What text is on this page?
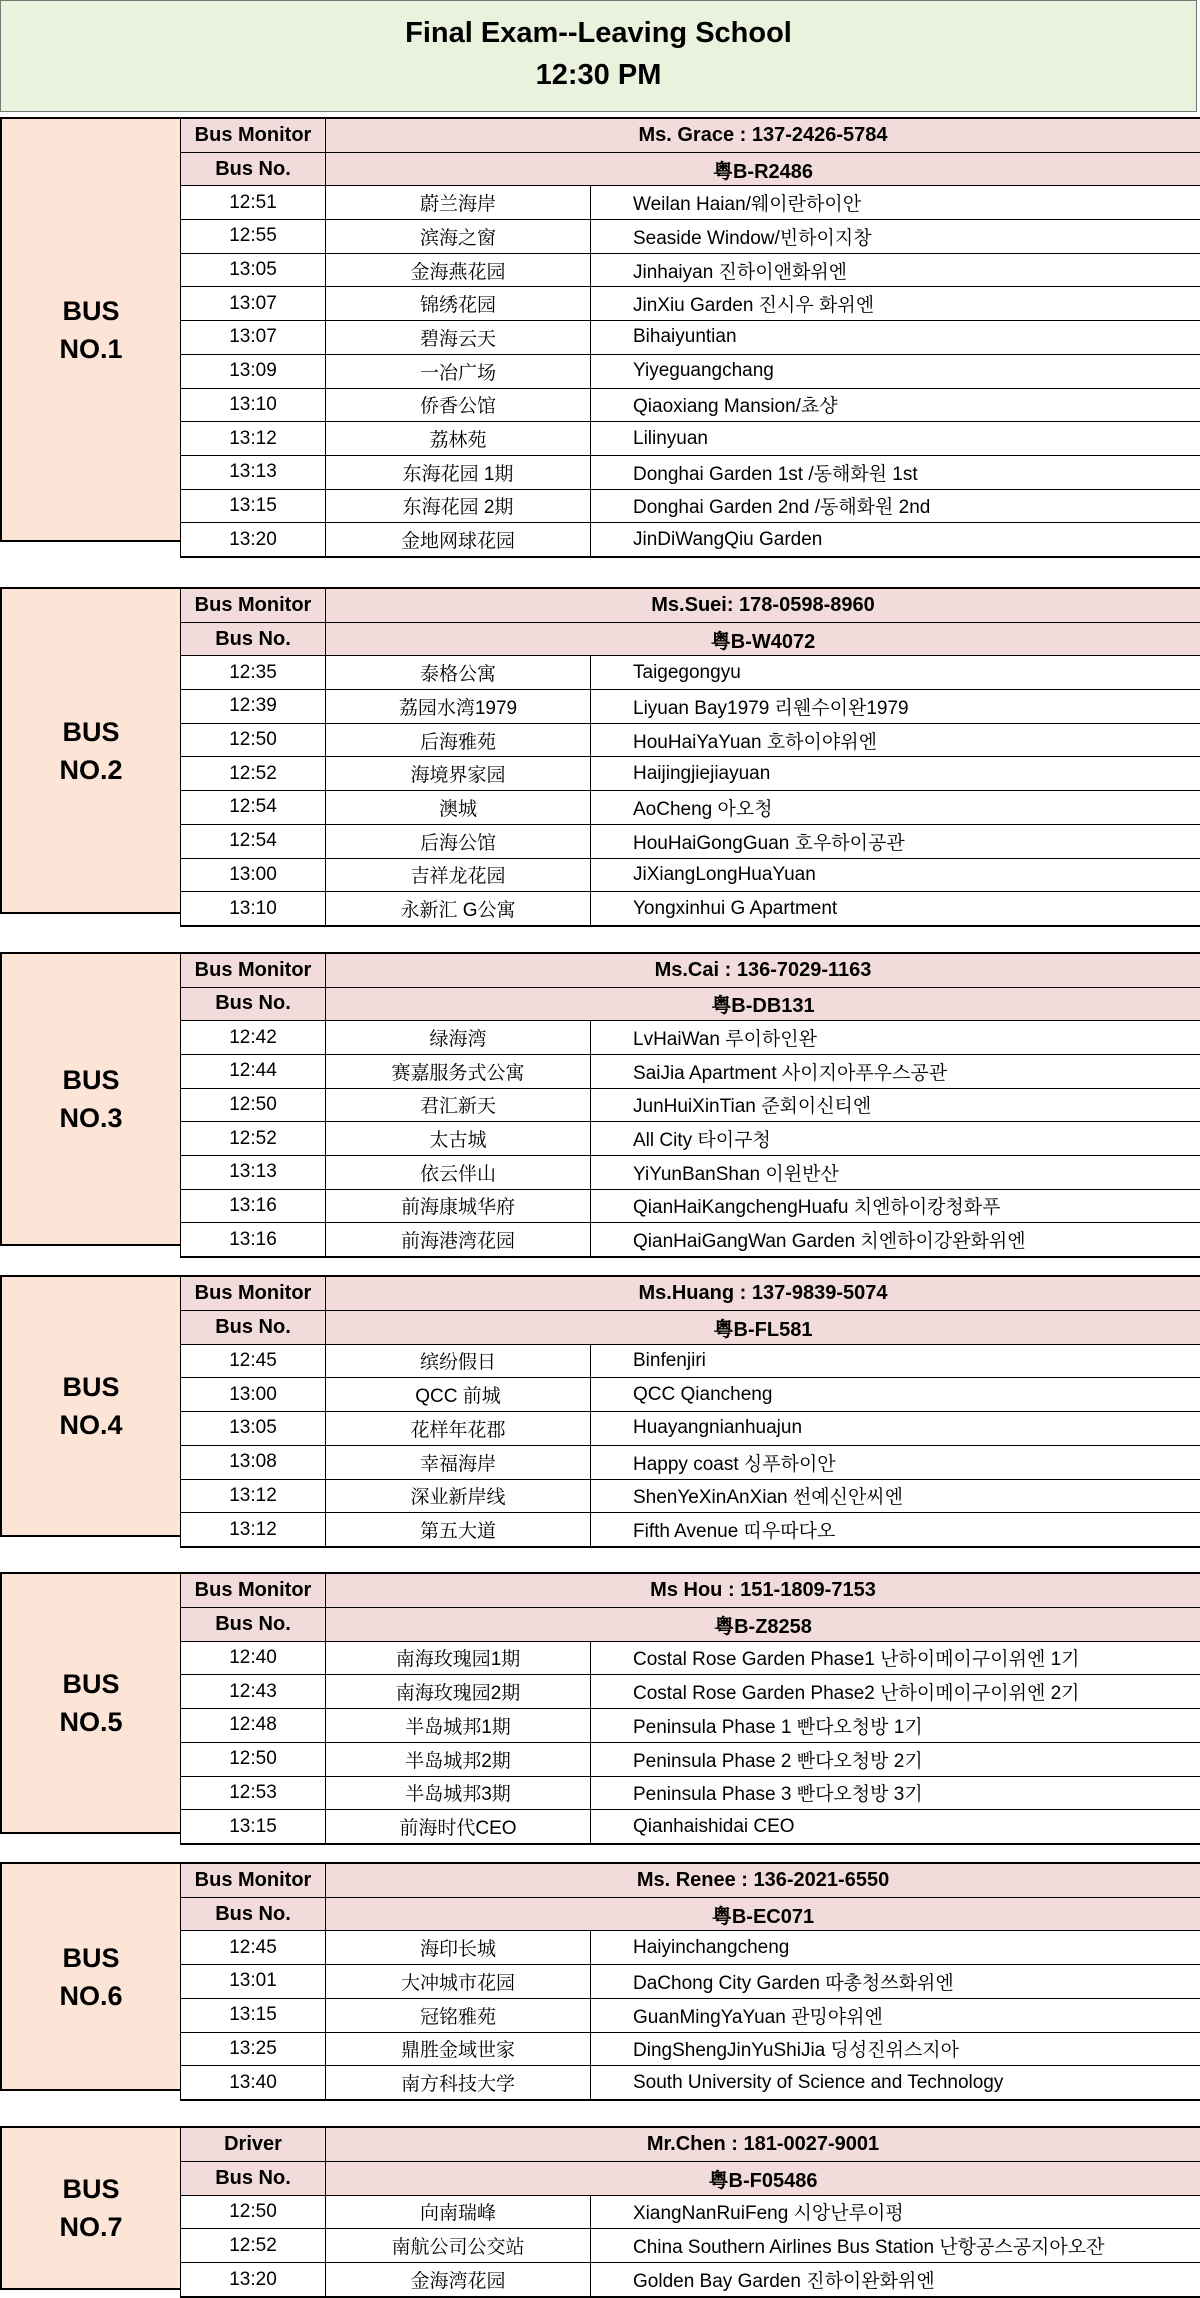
Final Exam--Leaving School
12:30 PM
BUS
NO.1
Bus Monitor	Ms. Grace : 137-2426-5784	
Bus No.	粤B-R2486	
12:51	蔚兰海岸	Weilan Haian/웨이란하이안
12:55	滨海之窗	Seaside Window/빈하이지창
13:05	金海燕花园	Jinhaiyan 진하이앤화위엔
13:07	锦绣花园	JinXiu Garden 진시우 화위엔
13:07	碧海云天	Bihaiyuntian
13:09	一冶广场	Yiyeguangchang
13:10	侨香公馆	Qiaoxiang Mansion/쵸샹
13:12	荔林苑	Lilinyuan
13:13	东海花园 1期	Donghai Garden 1st /동해화원 1st
13:15	东海花园 2期	Donghai Garden 2nd /동해화원 2nd
13:20	金地网球花园	JinDiWangQiu Garden
BUS
NO.2
Bus Monitor	Ms.Suei: 178-0598-8960	
Bus No.	粤B-W4072	
12:35	泰格公寓	Taigegongyu
12:39	荔园水湾1979	Liyuan Bay1979 리웬수이완1979
12:50	后海雅苑	HouHaiYaYuan 호하이야위엔
12:52	海境界家园	Haijingjiejiayuan
12:54	澳城	AoCheng 아오청
12:54	后海公馆	HouHaiGongGuan 호우하이공관
13:00	吉祥龙花园	JiXiangLongHuaYuan
13:10	永新汇 G公寓	Yongxinhui G Apartment
BUS
NO.3
Bus Monitor	Ms.Cai : 136-7029-1163	
Bus No.	粤B-DB131	
12:42	绿海湾	LvHaiWan 루이하인완
12:44	赛嘉服务式公寓	SaiJia Apartment 사이지아푸우스공관
12:50	君汇新天	JunHuiXinTian 준회이신티엔
12:52	太古城	All City 타이구청
13:13	依云伴山	YiYunBanShan 이윈반산
13:16	前海康城华府	QianHaiKangchengHuafu 치엔하이캉청화푸
13:16	前海港湾花园	QianHaiGangWan Garden 치엔하이강완화위엔
BUS
NO.4
Bus Monitor	Ms.Huang : 137-9839-5074	
Bus No.	粤B-FL581	
12:45	缤纷假日	Binfenjiri
13:00	QCC 前城	QCC Qiancheng
13:05	花样年花郡	Huayangnianhuajun
13:08	幸福海岸	Happy coast 싱푸하이안
13:12	深业新岸线	ShenYeXinAnXian 썬예신안씨엔
13:12	第五大道	Fifth Avenue 띠우따다오
BUS
NO.5
Bus Monitor	Ms Hou : 151-1809-7153	
Bus No.	粤B-Z8258	
12:40	南海玫瑰园1期	Costal Rose Garden Phase1 난하이메이구이위엔 1기
12:43	南海玫瑰园2期	Costal Rose Garden Phase2 난하이메이구이위엔 2기
12:48	半岛城邦1期	Peninsula Phase 1 빤다오청방 1기
12:50	半岛城邦2期	Peninsula Phase 2 빤다오청방 2기
12:53	半岛城邦3期	Peninsula Phase 3 빤다오청방 3기
13:15	前海时代CEO	Qianhaishidai CEO
BUS
NO.6
Bus Monitor	Ms. Renee : 136-2021-6550	
Bus No.	粤B-EC071	
12:45	海印长城	Haiyinchangcheng
13:01	大冲城市花园	DaChong City Garden 따총청쓰화위엔
13:15	冠铭雅苑	GuanMingYaYuan 관밍야위엔
13:25	鼎胜金域世家	DingShengJinYuShiJia 딩성진위스지아
13:40	南方科技大学	South University of Science and Technology
BUS
NO.7
Driver	Mr.Chen : 181-0027-9001	
Bus No.	粤B-F05486	
12:50	向南瑞峰	XiangNanRuiFeng 시앙난루이펑
12:52	南航公司公交站	China Southern Airlines Bus Station 난항공스공지아오잔
13:20	金海湾花园	Golden Bay Garden 진하이완화위엔
